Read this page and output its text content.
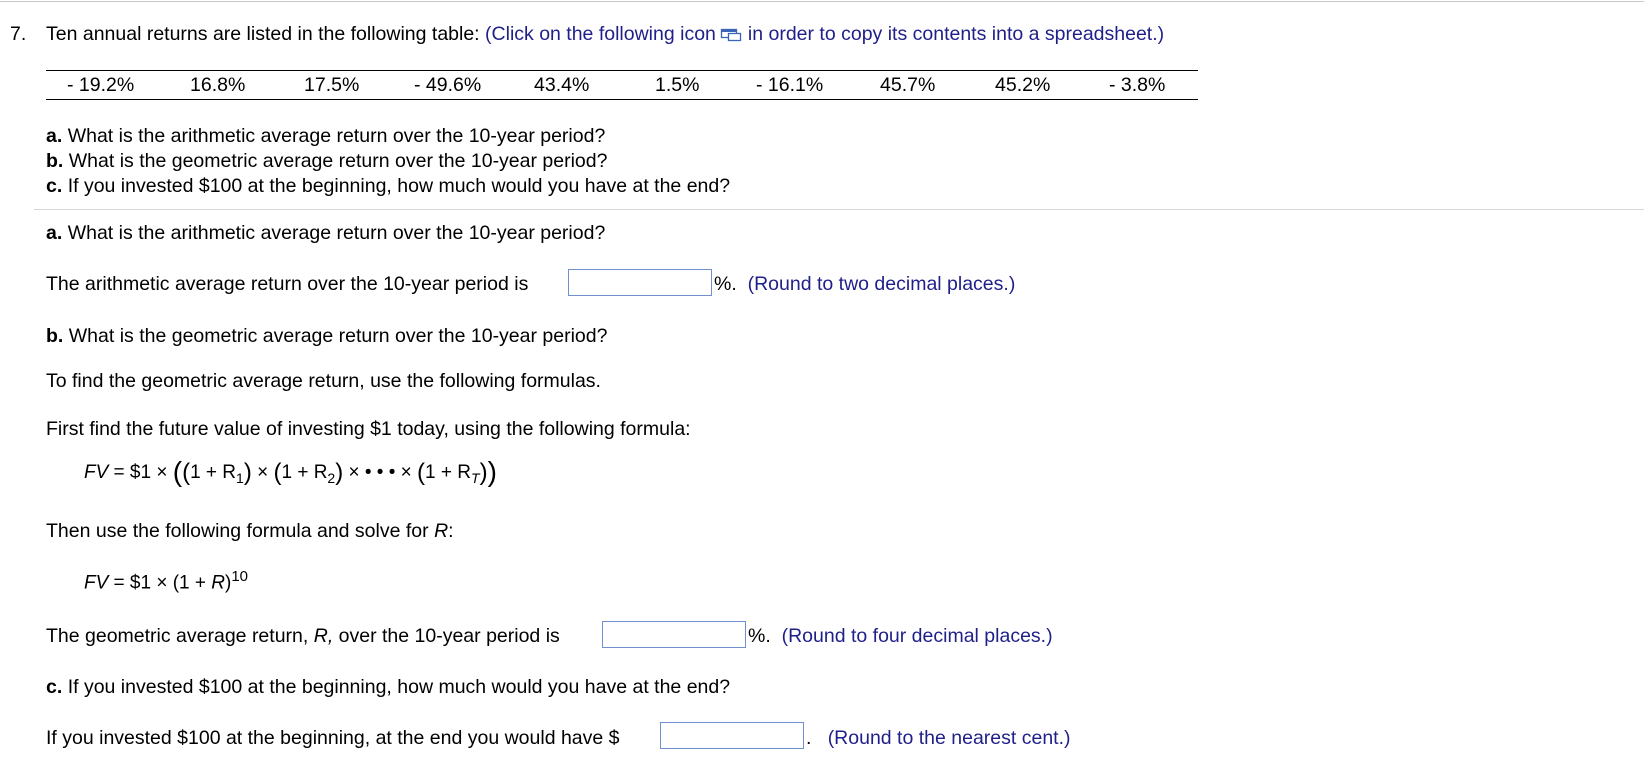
7. Ten annual returns are listed in the following table: (Click on the following icon in order to copy its contents into a spreadsheet.)
- 19.2%	16.8%	17.5%	- 49.6%	43.4%	1.5%	- 16.1%	45.7%	45.2%	- 3.8%
a. What is the arithmetic average return over the 10-year period?
b. What is the geometric average return over the 10-year period?
c. If you invested $100 at the beginning, how much would you have at the end?
a. What is the arithmetic average return over the 10-year period?
The arithmetic average return over the 10-year period is	%. (Round to two decimal places.)
b. What is the geometric average return over the 10-year period?
To find the geometric average return, use the following formulas.
First find the future value of investing $1 today, using the following formula:
FV = $1 × ($(1 + R_1) \times (1 + R_2)$ × • • • × $(1 + R_T)$)
Then use the following formula and solve for R:
FV = $1 × $(1 + R)^{10}$
The geometric average return, R, over the 10-year period is	%. (Round to four decimal places.)
c. If you invested $100 at the beginning, how much would you have at the end?
If you invested $100 at the beginning, at the end you would have $	. (Round to the nearest cent.)
